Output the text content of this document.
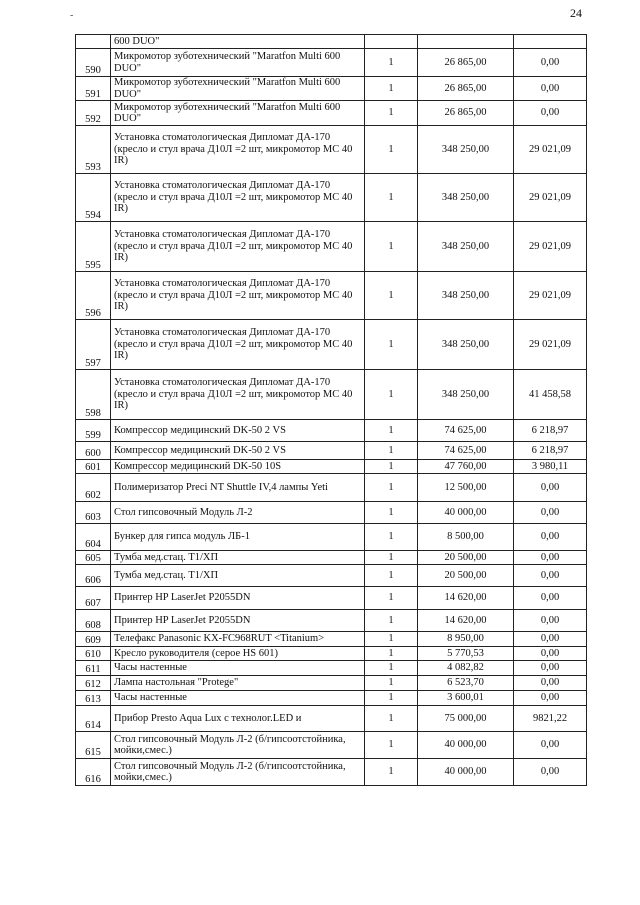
24
-
	600 DUO"			
590	Микромотор зуботехнический "Maratfon Multi 600 DUO"	1	26 865,00	0,00
591	Микромотор зуботехнический "Maratfon Multi 600 DUO"	1	26 865,00	0,00
592	Микромотор зуботехнический "Maratfon Multi 600 DUO"	1	26 865,00	0,00
593	Установка стоматологическая Дипломат ДА-170 (кресло и стул врача Д10Л =2 шт, микромотор МС 40 IR)	1	348 250,00	29 021,09
594	Установка стоматологическая Дипломат ДА-170 (кресло и стул врача Д10Л =2 шт, микромотор МС 40 IR)	1	348 250,00	29 021,09
595	Установка стоматологическая Дипломат ДА-170 (кресло и стул врача Д10Л =2 шт, микромотор МС 40 IR)	1	348 250,00	29 021,09
596	Установка стоматологическая Дипломат ДА-170 (кресло и стул врача Д10Л =2 шт, микромотор МС 40 IR)	1	348 250,00	29 021,09
597	Установка стоматологическая Дипломат ДА-170 (кресло и стул врача Д10Л =2 шт, микромотор МС 40 IR)	1	348 250,00	29 021,09
598	Установка стоматологическая Дипломат ДА-170 (кресло и стул врача Д10Л =2 шт, микромотор МС 40 IR)	1	348 250,00	41 458,58
599	Компрессор медицинский DK-50 2 VS	1	74 625,00	6 218,97
600	Компрессор медицинский DK-50 2 VS	1	74 625,00	6 218,97
601	Компрессор медицинский DK-50 10S	1	47 760,00	3 980,11
602	Полимеризатор Preci NT Shuttle IV,4 лампы Yeti	1	12 500,00	0,00
603	Стол гипсовочный Модуль Л-2	1	40 000,00	0,00
604	Бункер для гипса модуль ЛБ-1	1	8 500,00	0,00
605	Тумба мед.стац. Т1/ХП	1	20 500,00	0,00
606	Тумба мед.стац. Т1/ХП	1	20 500,00	0,00
607	Принтер HP LaserJet P2055DN	1	14 620,00	0,00
608	Принтер HP LaserJet P2055DN	1	14 620,00	0,00
609	Телефакс Panasonic KX-FC968RUT <Titanium>	1	8 950,00	0,00
610	Кресло руководителя (серое HS 601)	1	5 770,53	0,00
611	Часы настенные	1	4 082,82	0,00
612	Лампа настольная "Protege"	1	6 523,70	0,00
613	Часы настенные	1	3 600,01	0,00
614	Прибор Presto Aqua Lux с технолог.LED и	1	75 000,00	9821,22
615	Стол гипсовочный Модуль Л-2 (б/гипсоотстойника, мойки,смес.)	1	40 000,00	0,00
616	Стол гипсовочный Модуль Л-2 (б/гипсоотстойника, мойки,смес.)	1	40 000,00	0,00
